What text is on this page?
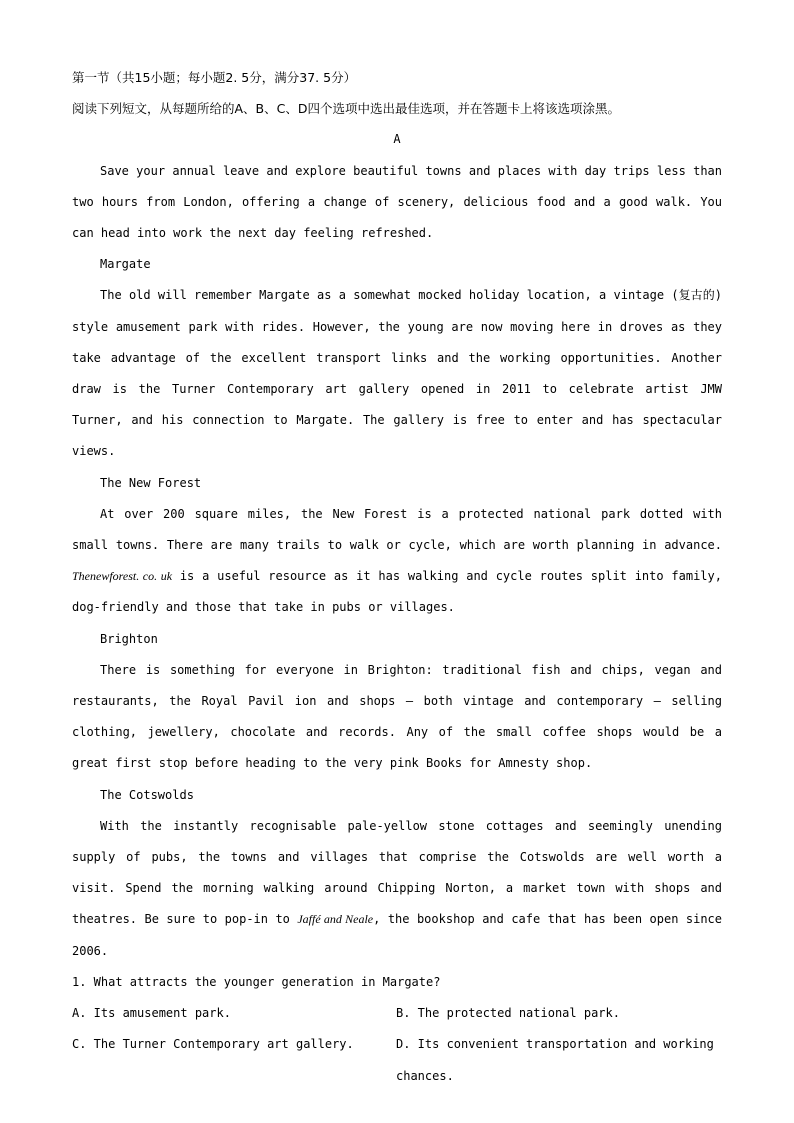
第一节（共15小题；每小题2. 5分，满分37. 5分）

阅读下列短文，从每题所给的A、B、C、D四个选项中选出最佳选项，并在答题卡上将该选项涂黑。

A

Save your annual leave and explore beautiful towns and places with day trips less than two hours from London, offering a change of scenery, delicious food and a good walk. You can head into work the next day feeling refreshed.

Margate

The old will remember Margate as a somewhat mocked holiday location, a vintage (复古的) style amusement park with rides. However, the young are now moving here in droves as they take advantage of the excellent transport links and the working opportunities. Another draw is the Turner Contemporary art gallery opened in 2011 to celebrate artist JMW Turner, and his connection to Margate. The gallery is free to enter and has spectacular views.

The New Forest

At over 200 square miles, the New Forest is a protected national park dotted with small towns. There are many trails to walk or cycle, which are worth planning in advance. Thenewforest. co. uk is a useful resource as it has walking and cycle routes split into family, dog-friendly and those that take in pubs or villages.

Brighton

There is something for everyone in Brighton: traditional fish and chips, vegan and restaurants, the Royal Pavil ion and shops — both vintage and contemporary — selling clothing, jewellery, chocolate and records. Any of the small coffee shops would be a great first stop before heading to the very pink Books for Amnesty shop.

The Cotswolds

With the instantly recognisable pale-yellow stone cottages and seemingly unending supply of pubs, the towns and villages that comprise the Cotswolds are well worth a visit. Spend the morning walking around Chipping Norton, a market town with shops and theatres. Be sure to pop-in to Jaffé and Neale, the bookshop and cafe that has been open since 2006.

1. What attracts the younger generation in Margate?

A. Its amusement park.	B. The protected national park.

C. The Turner Contemporary art gallery.	D. Its convenient transportation and working chances.
